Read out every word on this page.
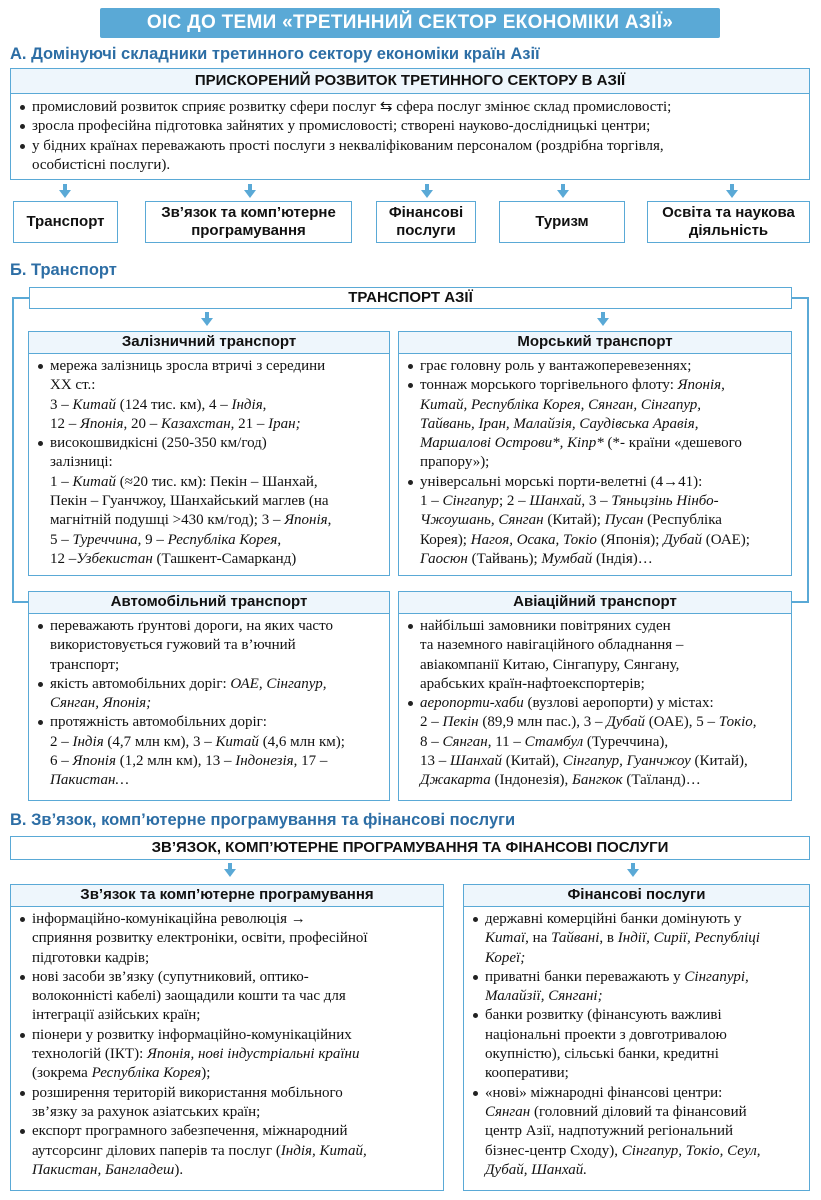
ОІС ДО ТЕМИ «ТРЕТИННИЙ СЕКТОР ЕКОНОМІКИ АЗІЇ»
А. Домінуючі складники третинного сектору економіки країн Азії
ПРИСКОРЕНИЙ РОЗВИТОК ТРЕТИННОГО СЕКТОРУ В АЗІЇ
промисловий розвиток сприяє розвитку сфери послуг ⇆ сфера послуг змінює склад промисловості;
зросла професійна підготовка зайнятих у промисловості; створені науково-дослідницькі центри;
у бідних країнах переважають прості послуги з некваліфікованим персоналом (роздрібна торгівля,
особистісні послуги).
Транспорт
Зв’язок та комп’ютерне
програмування
Фінансові
послуги
Туризм
Освіта та наукова
діяльність
Б. Транспорт
ТРАНСПОРТ АЗІЇ
Залізничний транспорт
мережа залізниць зросла втричі з середини
XX ст.:
3 – Китай (124 тис. км), 4 – Індія,
12 – Японія, 20 – Казахстан, 21 – Іран;
високошвидкісні (250-350 км/год)
залізниці:
1 – Китай (≈20 тис. км): Пекін – Шанхай,
Пекін – Гуанчжоу, Шанхайський маглев (на
магнітній подушці >430 км/год); 3 – Японія,
5 – Туреччина, 9 – Республіка Корея,
12 –Узбекистан (Ташкент-Самарканд)
Морський транспорт
грає головну роль у вантажоперевезеннях;
тоннаж морського торгівельного флоту: Японія,
Китай, Республіка Корея, Сянган, Сінгапур,
Тайвань, Іран, Малайзія, Саудівська Аравія,
Маршалові Острови*, Кіпр* (*- країни «дешевого
прапору»);
універсальні морські порти-велетні (4→41):
1 – Сінгапур; 2 – Шанхай, 3 – Тяньцзінь Нінбо-
Чжоушань, Сянган (Китай); Пусан (Республіка
Корея); Нагоя, Осака, Токіо (Японія); Дубай (ОАЕ);
Гаосюн (Тайвань); Мумбай (Індія)…
Автомобільний транспорт
переважають ґрунтові дороги, на яких часто
використовується гужовий та в’ючний
транспорт;
якість автомобільних доріг: ОАЕ, Сінгапур,
Сянган, Японія;
протяжність автомобільних доріг:
2 – Індія (4,7 млн км), 3 – Китай (4,6 млн км);
6 – Японія (1,2 млн км), 13 – Індонезія, 17 –
Пакистан…
Авіаційний транспорт
найбільші замовники повітряних суден
та наземного навігаційного обладнання –
авіакомпанії Китаю, Сінгапуру, Сянгану,
арабських країн-нафтоекспортерів;
аеропорти-хаби (вузлові аеропорти) у містах:
2 – Пекін (89,9 млн пас.), 3 – Дубай (ОАЕ), 5 – Токіо,
8 – Сянган, 11 – Стамбул (Туреччина),
13 – Шанхай (Китай), Сінгапур, Гуанчжоу (Китай),
Джакарта (Індонезія), Бангкок (Таїланд)…
В. Зв’язок, комп’ютерне програмування та фінансові послуги
ЗВ’ЯЗОК, КОМП’ЮТЕРНЕ ПРОГРАМУВАННЯ ТА ФІНАНСОВІ ПОСЛУГИ
Зв’язок та комп’ютерне програмування
інформаційно-комунікаційна революція →
сприяння розвитку електроніки, освіти, професійної
підготовки кадрів;
нові засоби зв’язку (супутниковий, оптико-
волоконністі кабелі) заощадили кошти та час для
інтеграції азійських країн;
піонери у розвитку інформаційно-комунікаційних
технологій (ІКТ): Японія, нові індустріальні країни
(зокрема Республіка Корея);
розширення територій використання мобільного
зв’язку за рахунок азіатських країн;
експорт програмного забезпечення, міжнародний
аутсорсинг ділових паперів та послуг (Індія, Китай,
Пакистан, Бангладеш).
Фінансові послуги
державні комерційні банки домінують у
Китаї, на Тайвані, в Індії, Сирії, Республіці
Кореї;
приватні банки переважають у Сінгапурі,
Малайзії, Сянгані;
банки розвитку (фінансують важливі
національні проекти з довготривалою
окупністю), сільські банки, кредитні
кооперативи;
«нові» міжнародні фінансові центри:
Сянган (головний діловий та фінансовий
центр Азії, надпотужний регіональний
бізнес-центр Сходу), Сінгапур, Токіо, Сеул,
Дубай, Шанхай.
